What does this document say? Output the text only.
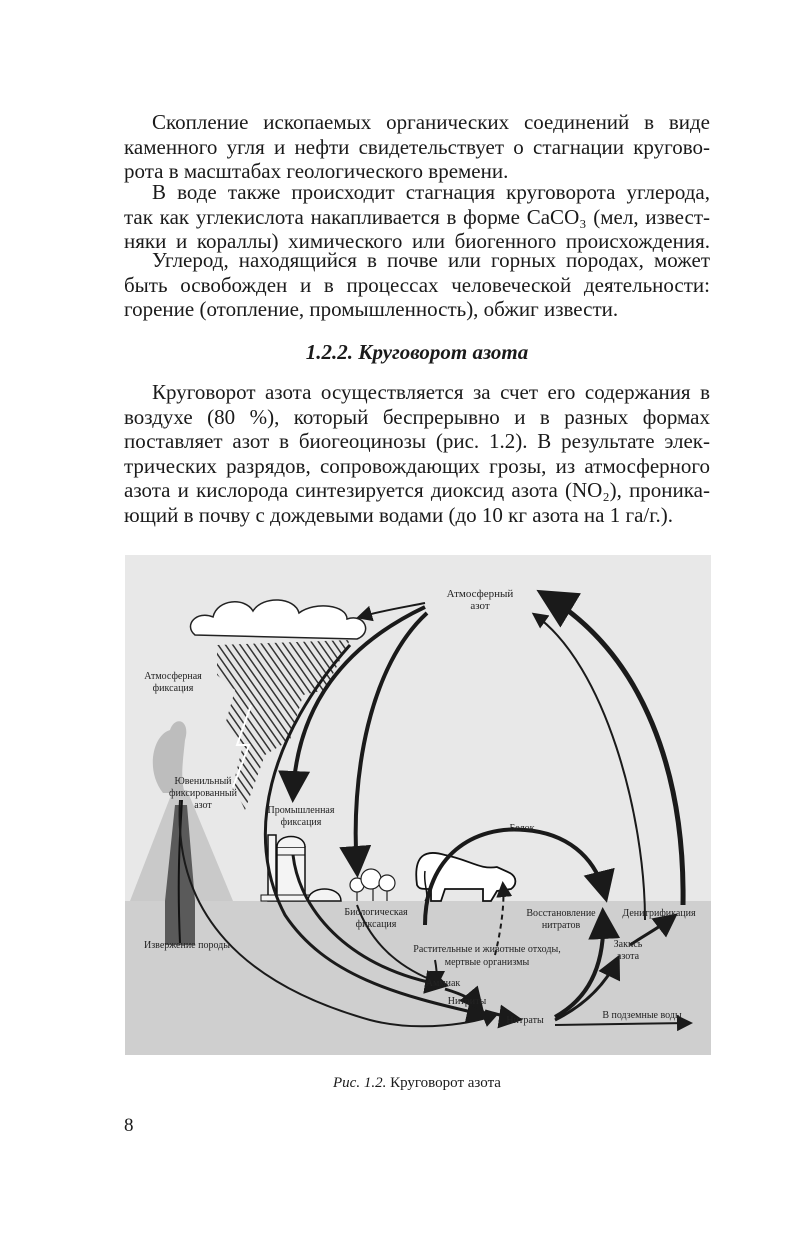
Скопление ископаемых органических соединений в виде
каменного угля и нефти свидетельствует о стагнации кругово-
рота в масштабах геологического времени.
В воде также происходит стагнация круговорота углерода,
так как углекислота накапливается в форме CaCO₃ (мел, извест-
няки и кораллы) химического или биогенного происхождения.
Углерод, находящийся в почве или горных породах, может
быть освобожден и в процессах человеческой деятельности:
горение (отопление, промышленность), обжиг извести.
1.2.2. Круговорот азота
Круговорот азота осуществляется за счет его содержания в
воздухе (80 %), который беспрерывно и в разных формах
поставляет азот в биогеоцинозы (рис. 1.2). В результате элек-
трических разрядов, сопровождающих грозы, из атмосферного
азота и кислорода синтезируется диоксид азота (NO₂), проника-
ющий в почву с дождевыми водами (до 10 кг азота на 1 га/г.).
Атмосферный
азот
Атмосферная
фиксация
Ювенильный
фиксированный
азот	Промышленная
фиксация
Белок
Извержение породы
Биологическая
фиксация
Восстановление
нитратов
Денитрификация
Закись
азота
Растительные и животные отходы,
мертвые организмы
Аммиак
Нитриты
Нитраты	В подземные воды
Рис. 1.2. Круговорот азота
8
